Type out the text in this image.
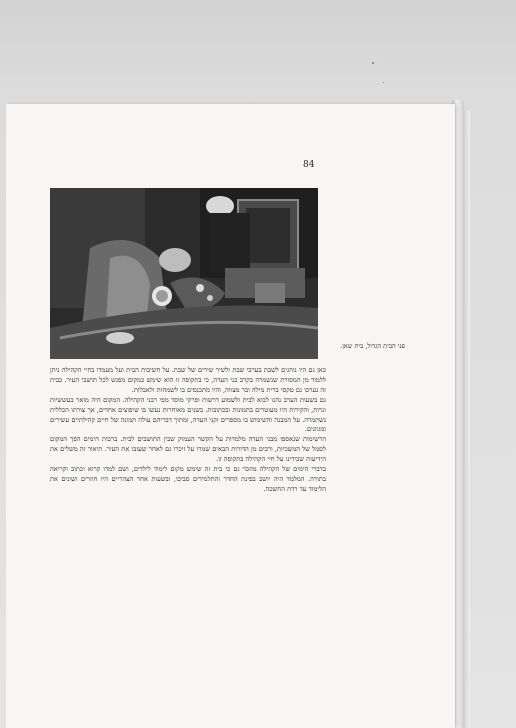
84
פני הבית הגדול, בית שאן.

כאן גם היו נוהגים לשבת בערבי שבת ולשיר שירים של שבת. על חשיבות הבית ועל מעמדו בחיי הקהילה ניתן ללמוד מן המסורת שנשמרה בקרב בני העדה, כי בתקופה זו הוא שימש כמקום מפגש לכל תושבי העיר. בבית זה נערכו גם טקסי ברית מילה ובר מצווה, והיו מתכנסים בו לשמחות ולאבלות.

גם בשעות הערב נהגו לבוא לבית ולשמוע דרשות ופרקי מוסר מפי רבני הקהילה. המקום היה מואר בעששיות ונרות, והקירות היו מעוטרים בתמונות ובכתובות. בשנים מאוחרות נעשו בו שיפוצים אחדים, אך צורתו הכללית נשתמרה. על המבנה והשימוש בו מספרים זקני העדה, ומתוך דבריהם עולה תמונה של חיים קהילתיים עשירים ומגוונים.

הרשימות שנאספו מבני העדה מלמדות על הקשר העמוק שבין התושבים לבית. ברבות הימים הפך המקום לסמל של המשכיות, ורבים מן הדורות הבאים שמרו על זיכרו גם לאחר שעזבו את העיר. תיאור זה משלים את הידיעות שבידינו על חיי הקהילה בתקופה זו.

בדברי הימים של הקהילה מוזכר גם כי בית זה שימש מקום לימוד לילדים, ושם למדו קרוא וכתוב וקריאה בתורה. המלמד היה יושב בפינת החדר והתלמידים סביבו, ובשעות אחר הצהריים היו חוזרים ושונים את הלימוד עד רדת החשכה.
